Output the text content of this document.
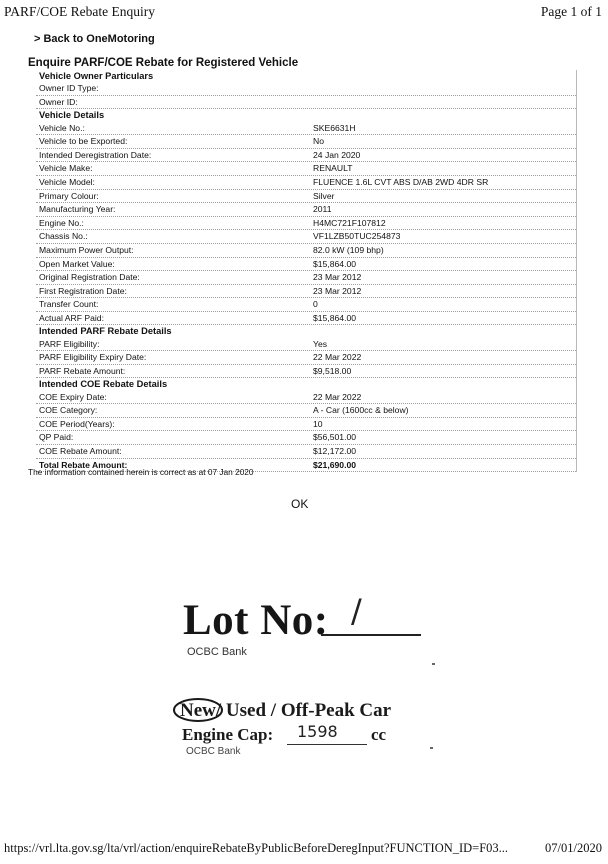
PARF/COE Rebate Enquiry	Page 1 of 1
> Back to OneMotoring
Enquire PARF/COE Rebate for Registered Vehicle
Vehicle Owner Particulars
Owner ID Type:
Owner ID:
Vehicle Details
Vehicle No.:	SKE6631H
Vehicle to be Exported:	No
Intended Deregistration Date:	24 Jan 2020
Vehicle Make:	RENAULT
Vehicle Model:	FLUENCE 1.6L CVT ABS D/AB 2WD 4DR SR
Primary Colour:	Silver
Manufacturing Year:	2011
Engine No.:	H4MC721F107812
Chassis No.:	VF1LZB50TUC254873
Maximum Power Output:	82.0 kW (109 bhp)
Open Market Value:	$15,864.00
Original Registration Date:	23 Mar 2012
First Registration Date:	23 Mar 2012
Transfer Count:	0
Actual ARF Paid:	$15,864.00
Intended PARF Rebate Details
PARF Eligibility:	Yes
PARF Eligibility Expiry Date:	22 Mar 2022
PARF Rebate Amount:	$9,518.00
Intended COE Rebate Details
COE Expiry Date:	22 Mar 2022
COE Category:	A - Car (1600cc & below)
COE Period(Years):	10
QP Paid:	$56,501.00
COE Rebate Amount:	$12,172.00
Total Rebate Amount:	$21,690.00
The information contained herein is correct as at 07 Jan 2020
OK
Lot No: /
OCBC Bank
New/ Used / Off-Peak Car
Engine Cap: 1598 cc
OCBC Bank
https://vrl.lta.gov.sg/lta/vrl/action/enquireRebateByPublicBeforeDeregInput?FUNCTION_ID=F03...	07/01/2020
